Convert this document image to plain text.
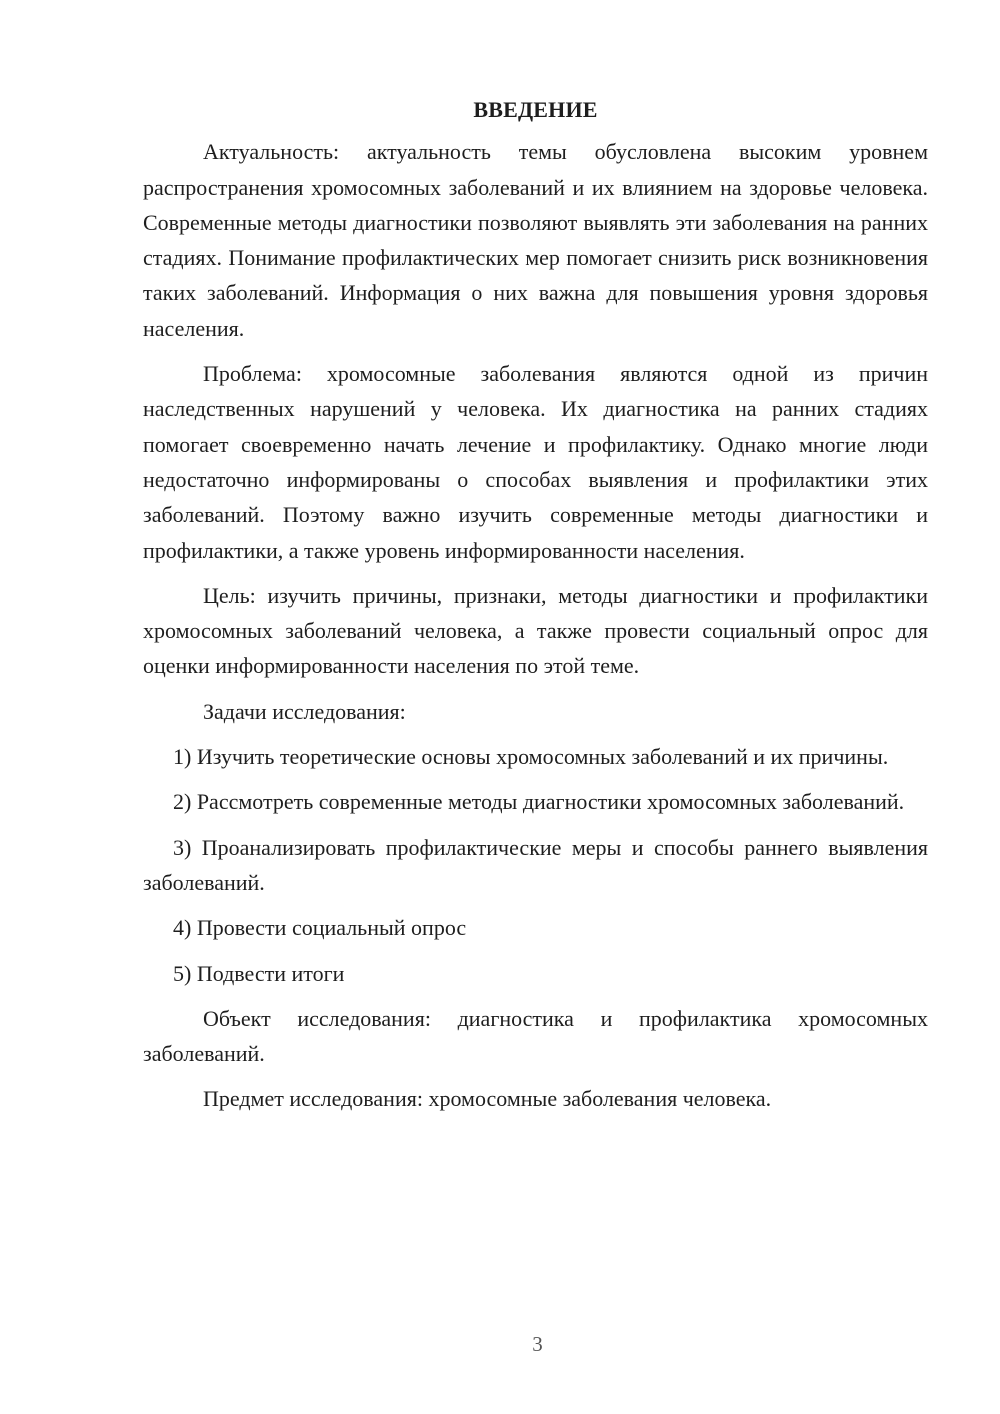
ВВЕДЕНИЕ

Актуальность: актуальность темы обусловлена высоким уровнем распространения хромосомных заболеваний и их влиянием на здоровье человека. Современные методы диагностики позволяют выявлять эти заболевания на ранних стадиях. Понимание профилактических мер помогает снизить риск возникновения таких заболеваний. Информация о них важна для повышения уровня здоровья населения.

Проблема: хромосомные заболевания являются одной из причин наследственных нарушений у человека. Их диагностика на ранних стадиях помогает своевременно начать лечение и профилактику. Однако многие люди недостаточно информированы о способах выявления и профилактики этих заболеваний. Поэтому важно изучить современные методы диагностики и профилактики, а также уровень информированности населения.

Цель: изучить причины, признаки, методы диагностики и профилактики хромосомных заболеваний человека, а также провести социальный опрос для оценки информированности населения по этой теме.

Задачи исследования:

1) Изучить теоретические основы хромосомных заболеваний и их причины.

2) Рассмотреть современные методы диагностики хромосомных заболеваний.

3) Проанализировать профилактические меры и способы раннего выявления заболеваний.

4) Провести социальный опрос

5) Подвести итоги

Объект исследования: диагностика и профилактика хромосомных заболеваний.

Предмет исследования: хромосомные заболевания человека.

3
